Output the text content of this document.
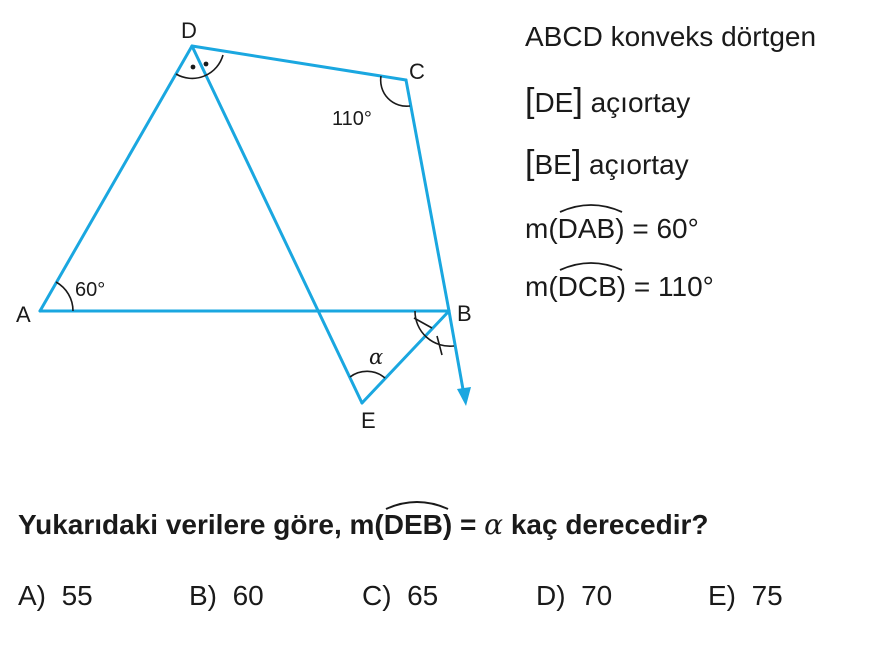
D
C
A	B
E
60°
110°
α
ABCD konveks dörtgen
[DE] açıortay
[BE] açıortay
m(
DAB) = 60°
m(
DCB) = 110°
Yukarıdaki verilere göre, m(
DEB) = α kaç derecedir?
A) 55	B) 60	C) 65	D) 70	E) 75
